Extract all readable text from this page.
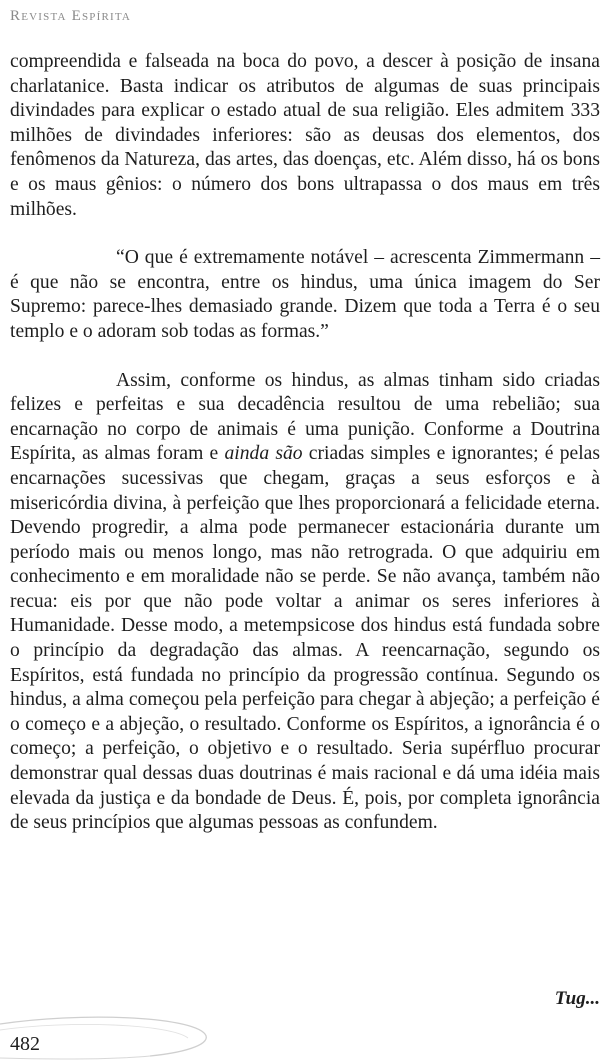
Revista Espírita

compreendida e falseada na boca do povo, a descer à posição de insana charlatanice. Basta indicar os atributos de algumas de suas principais divindades para explicar o estado atual de sua religião. Eles admitem 333 milhões de divindades inferiores: são as deusas dos elementos, dos fenômenos da Natureza, das artes, das doenças, etc. Além disso, há os bons e os maus gênios: o número dos bons ultrapassa o dos maus em três milhões.

“O que é extremamente notável – acrescenta Zimmermann – é que não se encontra, entre os hindus, uma única imagem do Ser Supremo: parece-lhes demasiado grande. Dizem que toda a Terra é o seu templo e o adoram sob todas as formas.”

Assim, conforme os hindus, as almas tinham sido criadas felizes e perfeitas e sua decadência resultou de uma rebelião; sua encarnação no corpo de animais é uma punição. Conforme a Doutrina Espírita, as almas foram e ainda são criadas simples e ignorantes; é pelas encarnações sucessivas que chegam, graças a seus esforços e à misericórdia divina, à perfeição que lhes proporcionará a felicidade eterna. Devendo progredir, a alma pode permanecer estacionária durante um período mais ou menos longo, mas não retrograda. O que adquiriu em conhecimento e em moralidade não se perde. Se não avança, também não recua: eis por que não pode voltar a animar os seres inferiores à Humanidade. Desse modo, a metempsicose dos hindus está fundada sobre o princípio da degradação das almas. A reencarnação, segundo os Espíritos, está fundada no princípio da progressão contínua. Segundo os hindus, a alma começou pela perfeição para chegar à abjeção; a perfeição é o começo e a abjeção, o resultado. Conforme os Espíritos, a ignorância é o começo; a perfeição, o objetivo e o resultado. Seria supérfluo procurar demonstrar qual dessas duas doutrinas é mais racional e dá uma idéia mais elevada da justiça e da bondade de Deus. É, pois, por completa ignorância de seus princípios que algumas pessoas as confundem.

Tug...
482
